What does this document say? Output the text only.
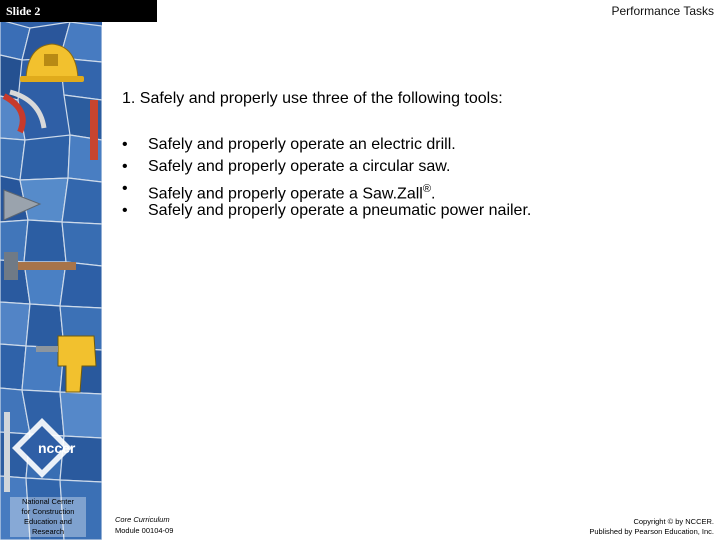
nccer
Slide 2	Performance Tasks
1. Safely and properly use three of the following tools:
• Safely and properly operate an electric drill.
• Safely and properly operate a circular saw.
• Safely and properly operate a Saw.Zall®.
• Safely and properly operate a pneumatic power nailer.
National Center
for Construction
Education and
Research
Core Curriculum
Module 00104-09
Copyright © by NCCER.
Published by Pearson Education, Inc.
